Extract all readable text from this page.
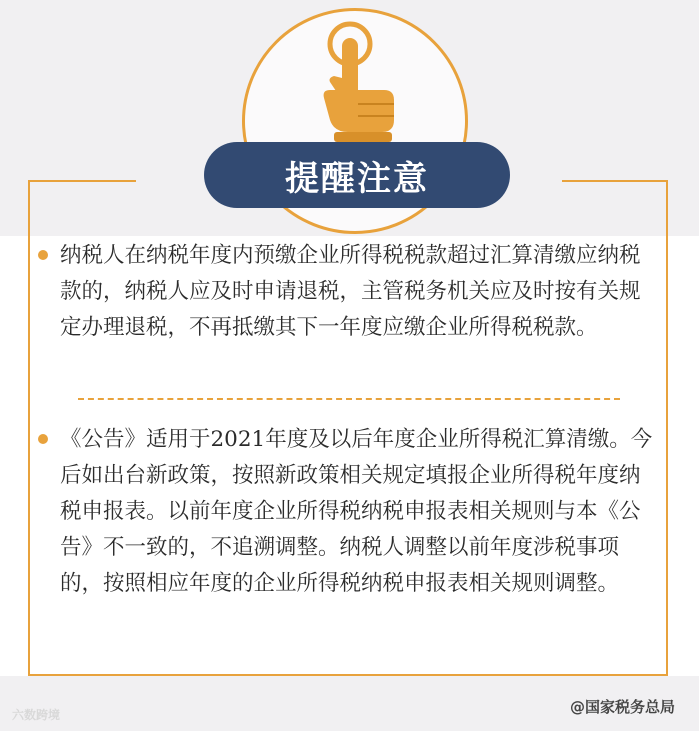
提醒注意
纳税人在纳税年度内预缴企业所得税税款超过汇算清缴应纳税款的，纳税人应及时申请退税，主管税务机关应及时按有关规定办理退税，不再抵缴其下一年度应缴企业所得税税款。
《公告》适用于2021年度及以后年度企业所得税汇算清缴。今后如出台新政策，按照新政策相关规定填报企业所得税年度纳税申报表。以前年度企业所得税纳税申报表相关规则与本《公告》不一致的，不追溯调整。纳税人调整以前年度涉税事项的，按照相应年度的企业所得税纳税申报表相关规则调整。
六数跨境	@国家税务总局
